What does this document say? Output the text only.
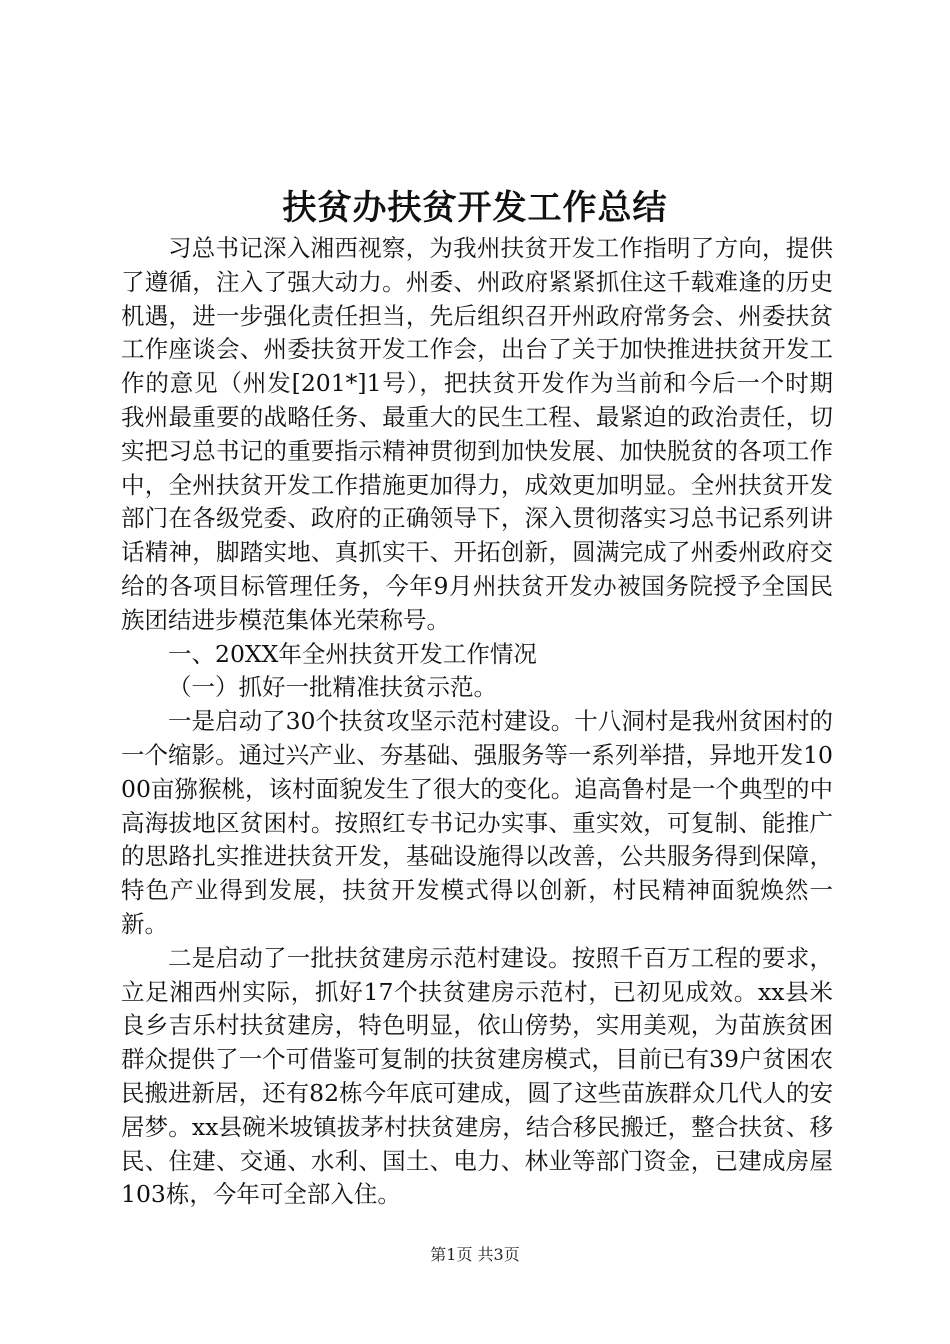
扶贫办扶贫开发工作总结

习总书记深入湘西视察，为我州扶贫开发工作指明了方向，提供了遵循，注入了强大动力。州委、州政府紧紧抓住这千载难逢的历史机遇，进一步强化责任担当，先后组织召开州政府常务会、州委扶贫工作座谈会、州委扶贫开发工作会，出台了关于加快推进扶贫开发工作的意见（州发[201*]1号），把扶贫开发作为当前和今后一个时期我州最重要的战略任务、最重大的民生工程、最紧迫的政治责任，切实把习总书记的重要指示精神贯彻到加快发展、加快脱贫的各项工作中，全州扶贫开发工作措施更加得力，成效更加明显。全州扶贫开发部门在各级党委、政府的正确领导下，深入贯彻落实习总书记系列讲话精神，脚踏实地、真抓实干、开拓创新，圆满完成了州委州政府交给的各项目标管理任务，今年9月州扶贫开发办被国务院授予全国民族团结进步模范集体光荣称号。

一、20XX年全州扶贫开发工作情况

（一）抓好一批精准扶贫示范。

一是启动了30个扶贫攻坚示范村建设。十八洞村是我州贫困村的一个缩影。通过兴产业、夯基础、强服务等一系列举措，异地开发1000亩猕猴桃，该村面貌发生了很大的变化。追高鲁村是一个典型的中高海拔地区贫困村。按照红专书记办实事、重实效，可复制、能推广的思路扎实推进扶贫开发，基础设施得以改善，公共服务得到保障，特色产业得到发展，扶贫开发模式得以创新，村民精神面貌焕然一新。

二是启动了一批扶贫建房示范村建设。按照千百万工程的要求，立足湘西州实际，抓好17个扶贫建房示范村，已初见成效。xx县米良乡吉乐村扶贫建房，特色明显，依山傍势，实用美观，为苗族贫困群众提供了一个可借鉴可复制的扶贫建房模式，目前已有39户贫困农民搬进新居，还有82栋今年底可建成，圆了这些苗族群众几代人的安居梦。xx县碗米坡镇拔茅村扶贫建房，结合移民搬迁，整合扶贫、移民、住建、交通、水利、国土、电力、林业等部门资金，已建成房屋103栋，今年可全部入住。

第1页 共3页
